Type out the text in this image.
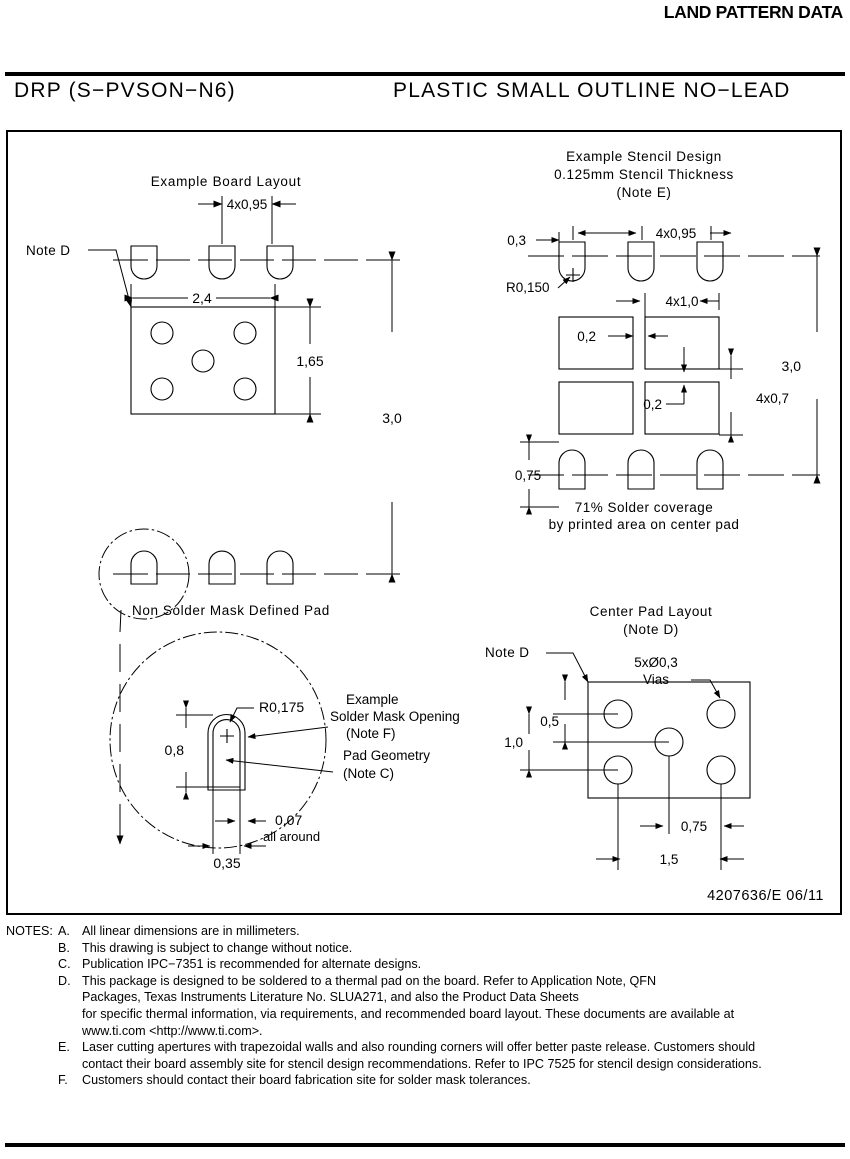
LAND PATTERN DATA
DRP (S−PVSON−N6)	PLASTIC SMALL OUTLINE NO−LEAD
Example Board Layout
4x0,95
2,4
1,65
3,0
Note D
Example Stencil Design
0.125mm Stencil Thickness
(Note E)
0,3	4x0,95
R0,150
4x1,0
0,2
0,2	4x0,7
0,75
3,0
71% Solder coverage
by printed area on center pad
Non Solder Mask Defined Pad
R0,175
0,8
0,35
0,07
all around
Example
Solder Mask Opening
(Note F)
Pad Geometry
(Note C)
Center Pad Layout
(Note D)
Note D
5xØ0,3
Vias
0,5
1,0
0,75
1,5
4207636/E 06/11
NOTES: A. All linear dimensions are in millimeters.
B. This drawing is subject to change without notice.
C. Publication IPC−7351 is recommended for alternate designs.
D. This package is designed to be soldered to a thermal pad on the board. Refer to Application Note, QFN
Packages, Texas Instruments Literature No. SLUA271, and also the Product Data Sheets
for specific thermal information, via requirements, and recommended board layout. These documents are available at
www.ti.com <http://www.ti.com>.
E. Laser cutting apertures with trapezoidal walls and also rounding corners will offer better paste release. Customers should
contact their board assembly site for stencil design recommendations. Refer to IPC 7525 for stencil design considerations.
F.	Customers should contact their board fabrication site for solder mask tolerances.
